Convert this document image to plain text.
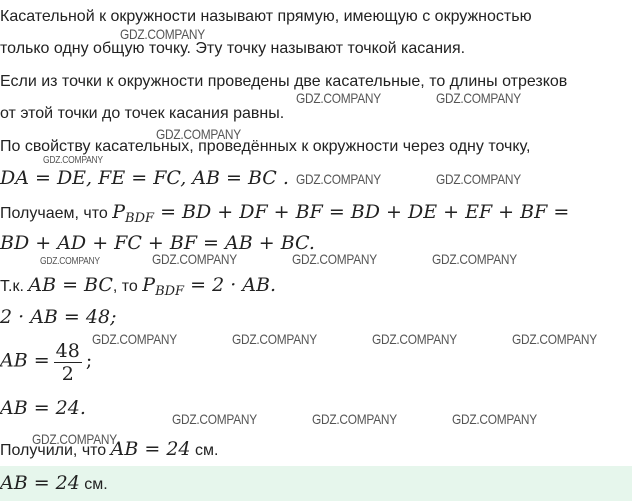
Касательной к окружности называют прямую, имеющую с окружностью
только одну общую точку. Эту точку называют точкой касания.
Если из точки к окружности проведены две касательные, то длины отрезков
от этой точки до точек касания равны.
По свойству касательных, проведённых к окружности через одну точку,
DA = DE, FE = FC, AB = BC .
Получаем, что $P_{BDF}$ = BD + DF + BF = BD + DE + EF + BF =
BD + AD + FC + BF = AB + BC.
Т.к. AB = BC, то $P_{BDF} = 2$ · AB.
2 · AB = 48;
AB = $\frac{48}{2}$ ;
AB = 24.
Получили, что AB = 24 см.
AB = 24 см.
GDZ.COMPANY
GDZ.COMPANY	GDZ.COMPANY
GDZ.COMPANY
GDZ.COMPANY
GDZ.COMPANY	GDZ.COMPANY
GDZ.COMPANY	GDZ.COMPANY	GDZ.COMPANY	GDZ.COMPANY
GDZ.COMPANY	GDZ.COMPANY	GDZ.COMPANY	GDZ.COMPANY
GDZ.COMPANY	GDZ.COMPANY	GDZ.COMPANY
GDZ.COMPANY
